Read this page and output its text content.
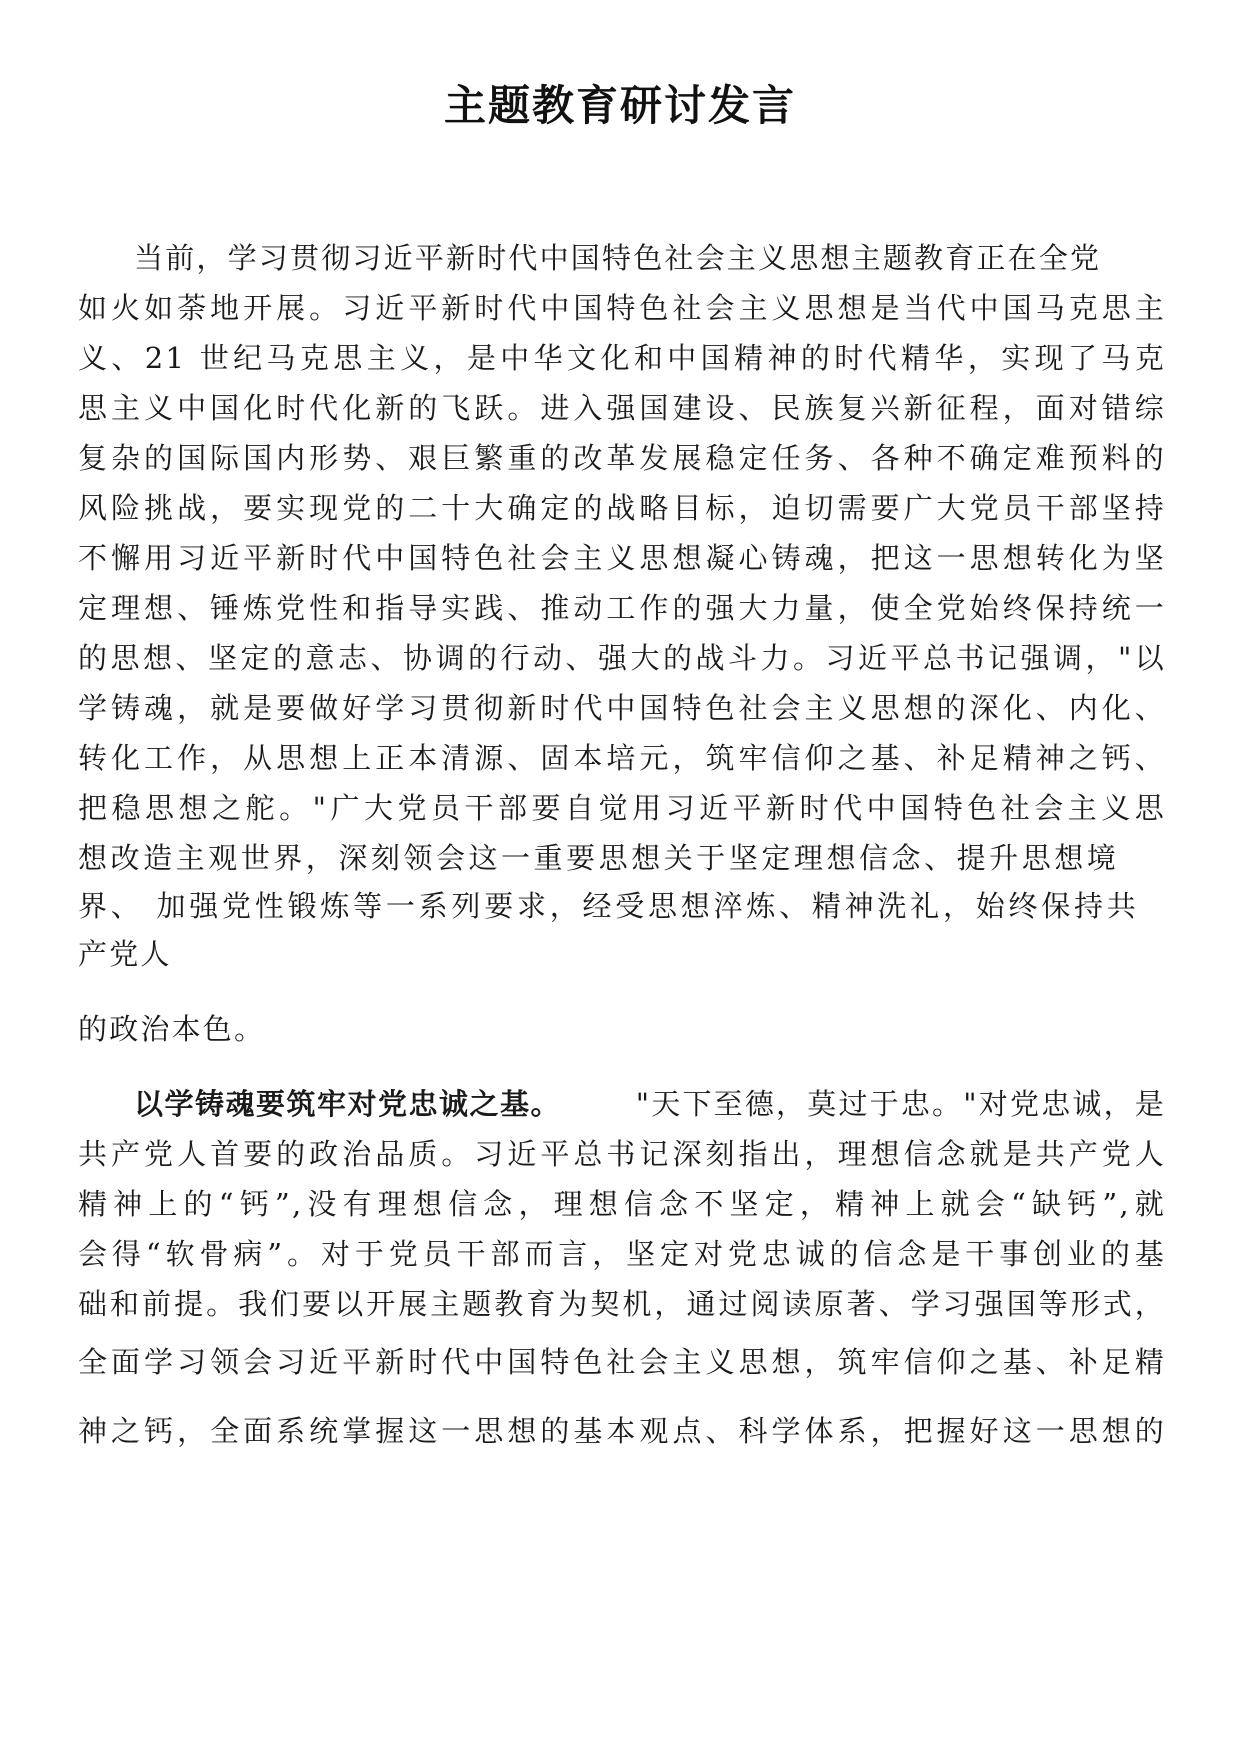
主题教育研讨发言
当前，学习贯彻习近平新时代中国特色社会主义思想主题教育正在全党
如火如荼地开展。习近平新时代中国特色社会主义思想是当代中国马克思主
义、21 世纪马克思主义，是中华文化和中国精神的时代精华，实现了马克
思主义中国化时代化新的飞跃。进入强国建设、民族复兴新征程，面对错综
复杂的国际国内形势、艰巨繁重的改革发展稳定任务、各种不确定难预料的
风险挑战，要实现党的二十大确定的战略目标，迫切需要广大党员干部坚持
不懈用习近平新时代中国特色社会主义思想凝心铸魂，把这一思想转化为坚
定理想、锤炼党性和指导实践、推动工作的强大力量，使全党始终保持统一
的思想、坚定的意志、协调的行动、强大的战斗力。习近平总书记强调，"以
学铸魂，就是要做好学习贯彻新时代中国特色社会主义思想的深化、内化、
转化工作，从思想上正本清源、固本培元，筑牢信仰之基、补足精神之钙、
把稳思想之舵。"广大党员干部要自觉用习近平新时代中国特色社会主义思
想改造主观世界，深刻领会这一重要思想关于坚定理想信念、提升思想境
界、 加强党性锻炼等一系列要求，经受思想淬炼、精神洗礼，始终保持共
产党人
的政治本色。
以学铸魂要筑牢对党忠诚之基。	"天下至德，莫过于忠。"对党忠诚，是
共产党人首要的政治品质。习近平总书记深刻指出，理想信念就是共产党人
精神上的“钙”,没有理想信念，理想信念不坚定，精神上就会“缺钙”,就
会得“软骨病”。对于党员干部而言，坚定对党忠诚的信念是干事创业的基
础和前提。我们要以开展主题教育为契机，通过阅读原著、学习强国等形式，
全面学习领会习近平新时代中国特色社会主义思想，筑牢信仰之基、补足精
神之钙，全面系统掌握这一思想的基本观点、科学体系，把握好这一思想的
